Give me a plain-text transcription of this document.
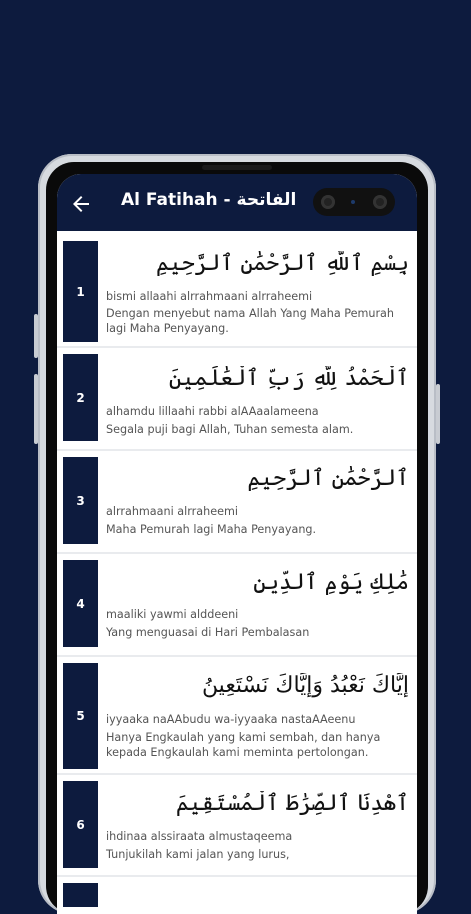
Al Fatihah - الفاتحة
1
بِسْمِ ٱللَّهِ ٱلرَّحْمَٰنِ ٱلرَّحِيمِ
bismi allaahi alrrahmaani alrraheemi
Dengan menyebut nama Allah Yang Maha Pemurah lagi Maha Penyayang.
2
ٱلْحَمْدُ لِلَّهِ رَبِّ ٱلْعَٰلَمِينَ
alhamdu lillaahi rabbi alAAaalameena
Segala puji bagi Allah, Tuhan semesta alam.
3
ٱلرَّحْمَٰنِ ٱلرَّحِيمِ
alrrahmaani alrraheemi
Maha Pemurah lagi Maha Penyayang.
4
مَٰلِكِ يَوْمِ ٱلدِّينِ
maaliki yawmi alddeeni
Yang menguasai di Hari Pembalasan
5
إِيَّاكَ نَعْبُدُ وَإِيَّاكَ نَسْتَعِينُ
iyyaaka naAAbudu wa-iyyaaka nastaAAeenu
Hanya Engkaulah yang kami sembah, dan hanya kepada Engkaulah kami meminta pertolongan.
6
ٱهْدِنَا ٱلصِّرَٰطَ ٱلْمُسْتَقِيمَ
ihdinaa alssiraata almustaqeema
Tunjukilah kami jalan yang lurus,
